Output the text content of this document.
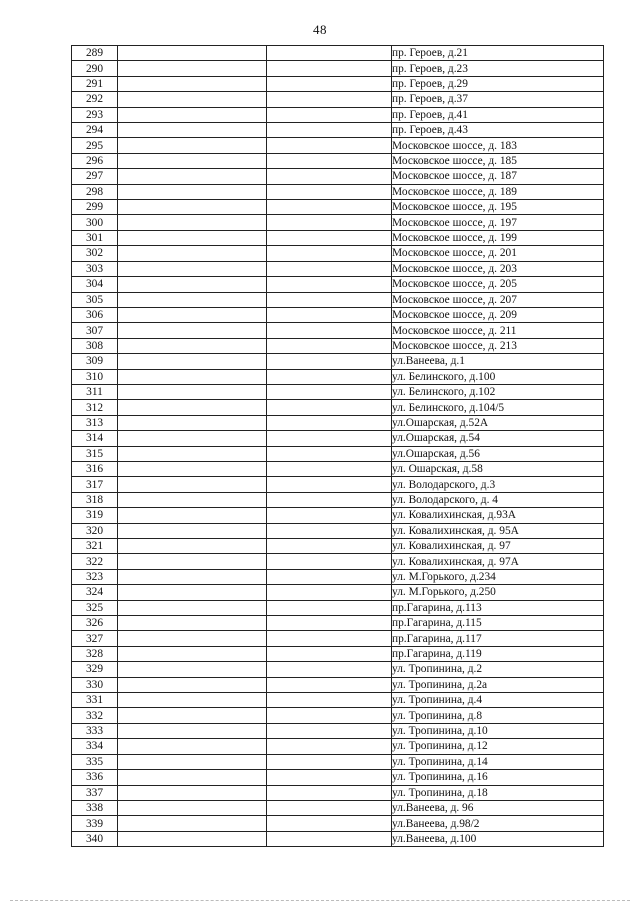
48
289			пр. Героев, д.21
290			пр. Героев, д.23
291			пр. Героев, д.29
292			пр. Героев, д.37
293			пр. Героев, д.41
294			пр. Героев, д.43
295			Московское шоссе, д. 183
296			Московское шоссе, д. 185
297			Московское шоссе, д. 187
298			Московское шоссе, д. 189
299			Московское шоссе, д. 195
300			Московское шоссе, д. 197
301			Московское шоссе, д. 199
302			Московское шоссе, д. 201
303			Московское шоссе, д. 203
304			Московское шоссе, д. 205
305			Московское шоссе, д. 207
306			Московское шоссе, д. 209
307			Московское шоссе, д. 211
308			Московское шоссе, д. 213
309			ул.Ванеева, д.1
310			ул. Белинского, д.100
311			ул. Белинского, д.102
312			ул. Белинского, д.104/5
313			ул.Ошарская, д.52А
314			ул.Ошарская, д.54
315			ул.Ошарская, д.56
316			ул. Ошарская, д.58
317			ул. Володарского, д.3
318			ул. Володарского, д. 4
319			ул. Ковалихинская, д.93А
320			ул. Ковалихинская, д. 95А
321			ул. Ковалихинская, д. 97
322			ул. Ковалихинская, д. 97А
323			ул. М.Горького, д.234
324			ул. М.Горького, д.250
325			пр.Гагарина, д.113
326			пр.Гагарина, д.115
327			пр.Гагарина, д.117
328			пр.Гагарина, д.119
329			ул. Тропинина, д.2
330			ул. Тропинина, д.2а
331			ул. Тропинина, д.4
332			ул. Тропинина, д.8
333			ул. Тропинина, д.10
334			ул. Тропинина, д.12
335			ул. Тропинина, д.14
336			ул. Тропинина, д.16
337			ул. Тропинина, д.18
338			ул.Ванеева, д. 96
339			ул.Ванеева, д.98/2
340			ул.Ванеева, д.100
